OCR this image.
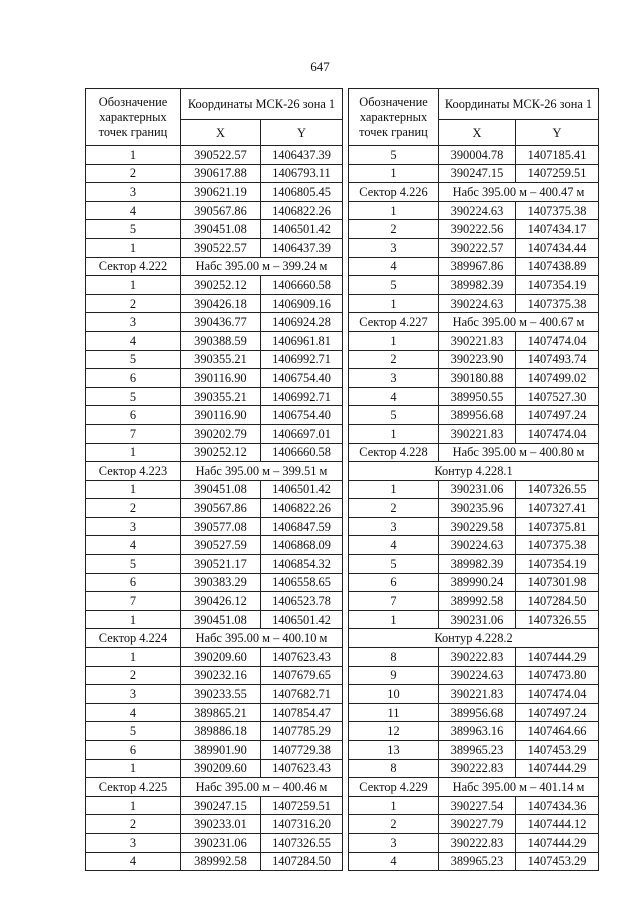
647
Обозначение характерных точек границ	Координаты МСК-26 зона 1	
	X	Y
1	390522.57	1406437.39
2	390617.88	1406793.11
3	390621.19	1406805.45
4	390567.86	1406822.26
5	390451.08	1406501.42
1	390522.57	1406437.39
Сектор 4.222	Набс 395.00 м – 399.24 м	
1	390252.12	1406660.58
2	390426.18	1406909.16
3	390436.77	1406924.28
4	390388.59	1406961.81
5	390355.21	1406992.71
6	390116.90	1406754.40
5	390355.21	1406992.71
6	390116.90	1406754.40
7	390202.79	1406697.01
1	390252.12	1406660.58
Сектор 4.223	Набс 395.00 м – 399.51 м	
1	390451.08	1406501.42
2	390567.86	1406822.26
3	390577.08	1406847.59
4	390527.59	1406868.09
5	390521.17	1406854.32
6	390383.29	1406558.65
7	390426.12	1406523.78
1	390451.08	1406501.42
Сектор 4.224	Набс 395.00 м – 400.10 м	
1	390209.60	1407623.43
2	390232.16	1407679.65
3	390233.55	1407682.71
4	389865.21	1407854.47
5	389886.18	1407785.29
6	389901.90	1407729.38
1	390209.60	1407623.43
Сектор 4.225	Набс 395.00 м – 400.46 м	
1	390247.15	1407259.51
2	390233.01	1407316.20
3	390231.06	1407326.55
4	389992.58	1407284.50
Обозначение характерных точек границ	Координаты МСК-26 зона 1	
	X	Y
5	390004.78	1407185.41
1	390247.15	1407259.51
Сектор 4.226	Набс 395.00 м – 400.47 м	
1	390224.63	1407375.38
2	390222.56	1407434.17
3	390222.57	1407434.44
4	389967.86	1407438.89
5	389982.39	1407354.19
1	390224.63	1407375.38
Сектор 4.227	Набс 395.00 м – 400.67 м	
1	390221.83	1407474.04
2	390223.90	1407493.74
3	390180.88	1407499.02
4	389950.55	1407527.30
5	389956.68	1407497.24
1	390221.83	1407474.04
Сектор 4.228	Набс 395.00 м – 400.80 м	
Контур 4.228.1		
1	390231.06	1407326.55
2	390235.96	1407327.41
3	390229.58	1407375.81
4	390224.63	1407375.38
5	389982.39	1407354.19
6	389990.24	1407301.98
7	389992.58	1407284.50
1	390231.06	1407326.55
Контур 4.228.2		
8	390222.83	1407444.29
9	390224.63	1407473.80
10	390221.83	1407474.04
11	389956.68	1407497.24
12	389963.16	1407464.66
13	389965.23	1407453.29
8	390222.83	1407444.29
Сектор 4.229	Набс 395.00 м – 401.14 м	
1	390227.54	1407434.36
2	390227.79	1407444.12
3	390222.83	1407444.29
4	389965.23	1407453.29
